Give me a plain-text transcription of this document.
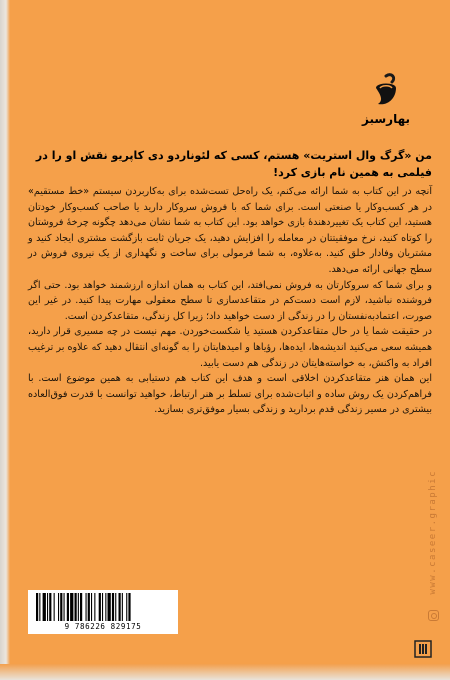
بهارسبز
من «گرگ وال استریت» هستم، کسی که لئوناردو دی کاپریو نقش او را در فیلمی به همین نام بازی کرد!

آنچه در این کتاب به شما ارائه می‌کنم، یک راه‌حل تست‌شده برای به‌کاربردن سیستم «خط مستقیم» در هر کسب‌وکار یا صنعتی است. برای شما که با فروش سروکار دارید یا صاحب کسب‌وکار خودتان هستید، این کتاب یک تغییردهندهٔ بازی خواهد بود. این کتاب به شما نشان می‌دهد چگونه چرخهٔ فروشتان را کوتاه کنید، نرخ موفقیتتان در معامله را افزایش دهید، یک جریان ثابت بازگشت مشتری ایجاد کنید و مشتریان وفادار خلق کنید. به‌علاوه، به شما فرمولی برای ساخت و نگهداری از یک نیروی فروش در سطح جهانی ارائه می‌دهد.

و برای شما که سروکارتان به فروش نمی‌افتد، این کتاب به همان اندازه ارزشمند خواهد بود. حتی اگر فروشنده نباشید، لازم است دست‌کم در متقاعدسازی تا سطح معقولی مهارت پیدا کنید. در غیر این صورت، اعتمادبه‌نفستان را در زندگی از دست خواهید داد؛ زیرا کل زندگی، متقاعدکردن است.

در حقیقت شما یا در حال متقاعدکردن هستید یا شکست‌خوردن. مهم نیست در چه مسیری قرار دارید، همیشه سعی می‌کنید اندیشه‌ها، ایده‌ها، رؤیاها و امیدهایتان را به گونه‌ای انتقال دهید که علاوه بر ترغیب افراد به واکنش، به خواسته‌هایتان در زندگی هم دست یابید.

این همان هنر متقاعدکردن اخلاقی است و هدف این کتاب هم دستیابی به همین موضوع است. با فراهم‌کردن یک روش ساده و اثبات‌شده برای تسلط بر هنر ارتباط، خواهید توانست با قدرت فوق‌العاده بیشتری در مسیر زندگی قدم بردارید و زندگی بسیار موفق‌تری بسازید.

www.caseer.graphic
9 786226 829175
